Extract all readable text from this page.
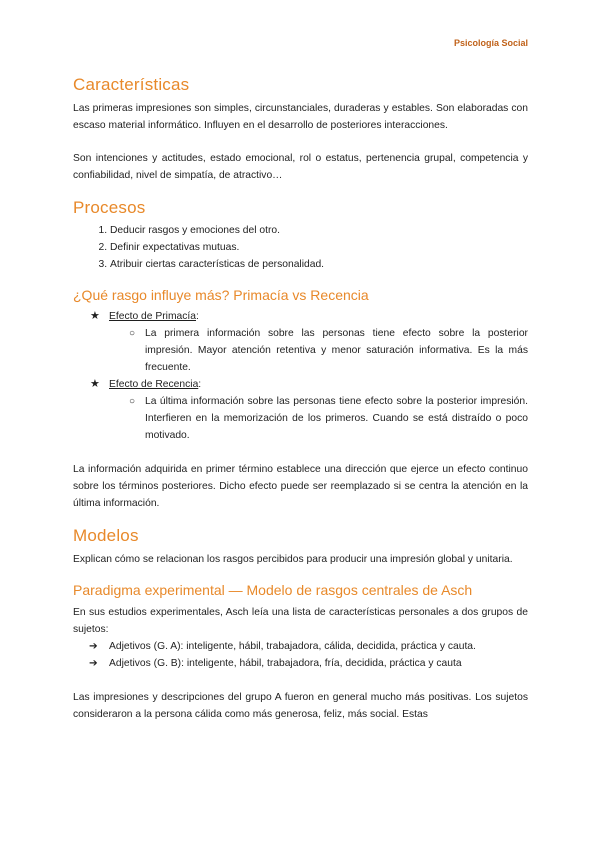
Psicología Social
Características

Las primeras impresiones son simples, circunstanciales, duraderas y estables. Son elaboradas con escaso material informático. Influyen en el desarrollo de posteriores interacciones.

Son intenciones y actitudes, estado emocional, rol o estatus, pertenencia grupal, competencia y confiabilidad, nivel de simpatía, de atractivo…

Procesos
1. Deducir rasgos y emociones del otro.
2. Definir expectativas mutuas.
3. Atribuir ciertas características de personalidad.
¿Qué rasgo influye más? Primacía vs Recencia
★ Efecto de Primacía:
○ La primera información sobre las personas tiene efecto sobre la posterior impresión. Mayor atención retentiva y menor saturación informativa. Es la más frecuente.
★ Efecto de Recencia:
○ La última información sobre las personas tiene efecto sobre la posterior impresión. Interfieren en la memorización de los primeros. Cuando se está distraído o poco motivado.

La información adquirida en primer término establece una dirección que ejerce un efecto continuo sobre los términos posteriores. Dicho efecto puede ser reemplazado si se centra la atención en la última información.

Modelos

Explican cómo se relacionan los rasgos percibidos para producir una impresión global y unitaria.

Paradigma experimental — Modelo de rasgos centrales de Asch

En sus estudios experimentales, Asch leía una lista de características personales a dos grupos de sujetos:

➔ Adjetivos (G. A): inteligente, hábil, trabajadora, cálida, decidida, práctica y cauta.
➔ Adjetivos (G. B): inteligente, hábil, trabajadora, fría, decidida, práctica y cauta

Las impresiones y descripciones del grupo A fueron en general mucho más positivas. Los sujetos consideraron a la persona cálida como más generosa, feliz, más social. Estas
